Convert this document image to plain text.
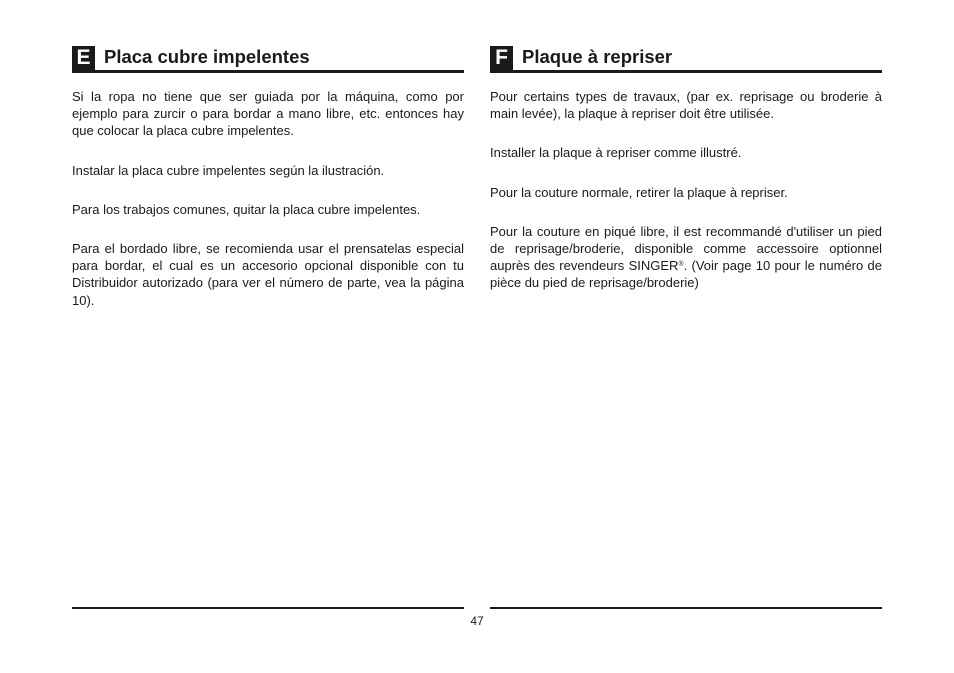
E Placa cubre impelentes

Si la ropa no tiene que ser guiada por la máquina, como por ejemplo para zurcir o para bordar a mano libre, etc. entonces hay que colocar la placa cubre impelentes.

Instalar la placa cubre impelentes según la ilustración.

Para los trabajos comunes, quitar la placa cubre impelentes.

Para el bordado libre, se recomienda usar el prensatelas especial para bordar, el cual es un accesorio opcional disponible con tu Distribuidor autorizado (para ver el número de parte, vea la página 10).

F Plaque à repriser

Pour certains types de travaux, (par ex. reprisage ou broderie à main levée), la plaque à repriser doit être utilisée.

Installer la plaque à repriser comme illustré.

Pour la couture normale, retirer la plaque à repriser.

Pour la couture en piqué libre, il est recommandé d'utiliser un pied de reprisage/broderie, disponible comme accessoire optionnel auprès des revendeurs SINGER®. (Voir page 10 pour le numéro de pièce du pied de reprisage/broderie)

47
